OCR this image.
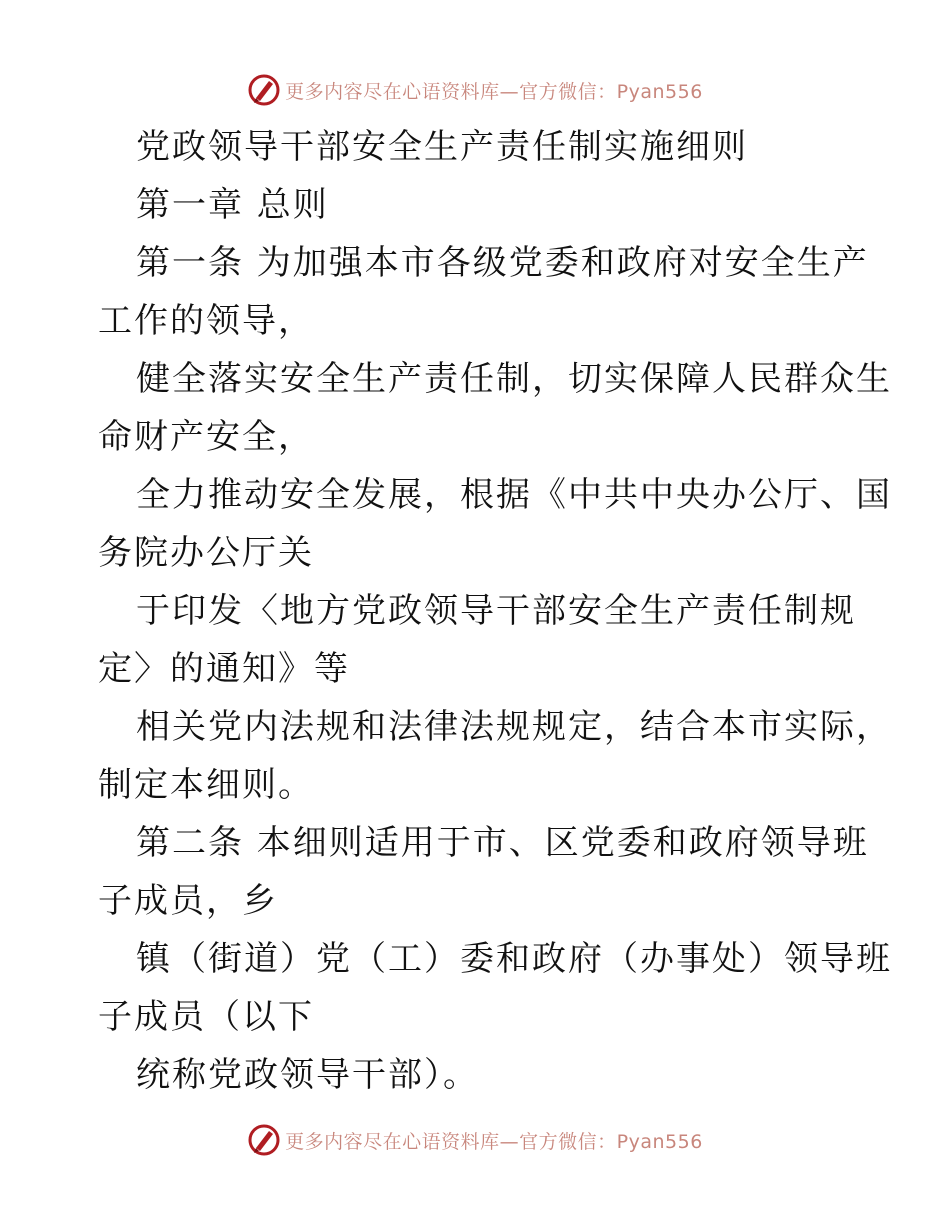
更多内容尽在心语资料库—官方微信：Pyan556
党政领导干部安全生产责任制实施细则
第一章 总则
第一条 为加强本市各级党委和政府对安全生产
工作的领导，
健全落实安全生产责任制，切实保障人民群众生
命财产安全，
全力推动安全发展，根据《中共中央办公厅、国
务院办公厅关
于印发〈地方党政领导干部安全生产责任制规
定〉的通知》等
相关党内法规和法律法规规定，结合本市实际，
制定本细则。
第二条 本细则适用于市、区党委和政府领导班
子成员，乡
镇（街道）党（工）委和政府（办事处）领导班
子成员（以下
统称党政领导干部）。
更多内容尽在心语资料库—官方微信：Pyan556
